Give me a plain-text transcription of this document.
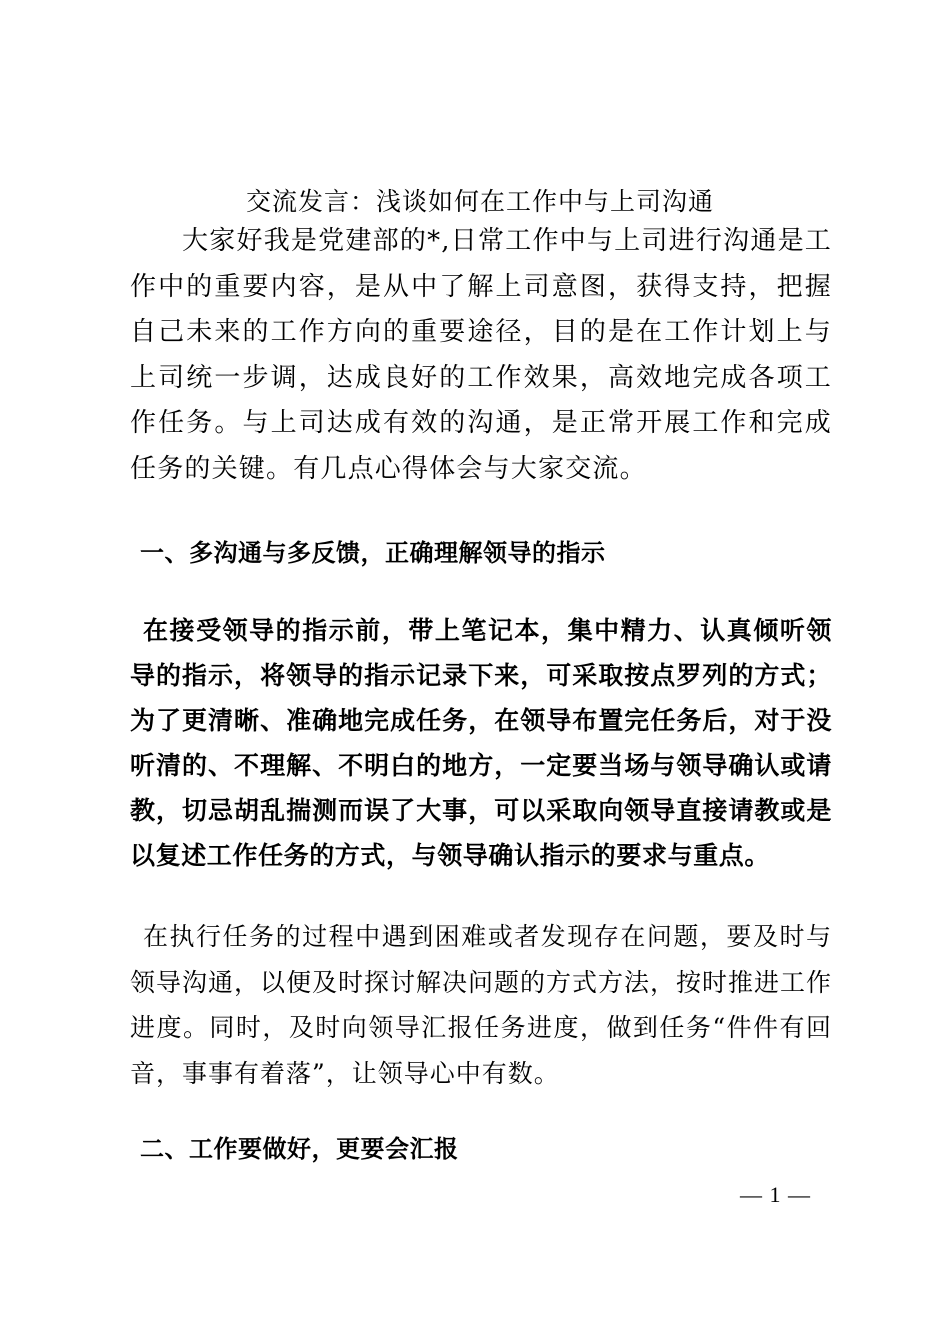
交流发言：浅谈如何在工作中与上司沟通

大家好我是党建部的*,日常工作中与上司进行沟通是工作中的重要内容，是从中了解上司意图，获得支持，把握自己未来的工作方向的重要途径，目的是在工作计划上与上司统一步调，达成良好的工作效果，高效地完成各项工作任务。与上司达成有效的沟通，是正常开展工作和完成任务的关键。有几点心得体会与大家交流。

一、多沟通与多反馈，正确理解领导的指示

在接受领导的指示前，带上笔记本，集中精力、认真倾听领导的指示，将领导的指示记录下来，可采取按点罗列的方式；为了更清晰、准确地完成任务，在领导布置完任务后，对于没听清的、不理解、不明白的地方，一定要当场与领导确认或请教，切忌胡乱揣测而误了大事，可以采取向领导直接请教或是以复述工作任务的方式，与领导确认指示的要求与重点。

在执行任务的过程中遇到困难或者发现存在问题，要及时与领导沟通，以便及时探讨解决问题的方式方法，按时推进工作进度。同时，及时向领导汇报任务进度，做到任务“件件有回音，事事有着落”，让领导心中有数。

二、工作要做好，更要会汇报
— 1 —
